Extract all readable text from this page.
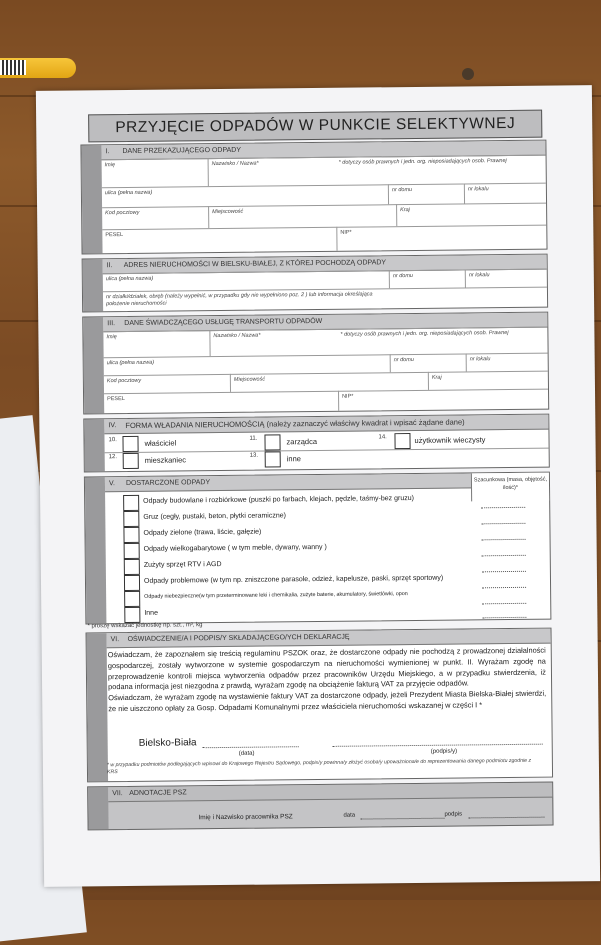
PRZYJĘCIE ODPADÓW W PUNKCIE SELEKTYWNEJ
DANE PRZEKAZUJĄCEGO ODPADY
I.
Imię	Nazwisko / Nazwa*	* dotyczy osób prawnych i jedn. org. nieposiadających osob. Prawnej
ulica (pełna nazwa)	nr domu	nr lokalu
Kod pocztowy	Miejscowość	Kraj
PESEL	NIP*
ADRES NIERUCHOMOŚCI W BIELSKU-BIAŁEJ, Z KTÓREJ POCHODZĄ ODPADY
II.
ulica (pełna nazwa)	nr domu	nr lokalu
nr działki/działek, obręb (należy wypełnić, w przypadku gdy nie wypełniono poz. 2 ) lub informacja określająca położenie nieruchomości
DANE ŚWIADCZĄCEGO USŁUGĘ TRANSPORTU ODPADÓW
III.
Imię	Nazwisko / Nazwa*	* dotyczy osób prawnych i jedn. org. nieposiadających osob. Prawnej
ulica (pełna nazwa)	nr domu	nr lokalu
Kod pocztowy	Miejscowość	Kraj
PESEL	NIP*
FORMA WŁADANIA NIERUCHOMOŚCIĄ (należy zaznaczyć właściwy kwadrat i wpisać żądane dane)
IV.
10.	właściciel	11.	zarządca	14.	użytkownik wieczysty
12.	mieszkaniec	13.	inne
DOSTARCZONE ODPADY
V.
Szacunkowa (masa, objętość, ilość)*
Odpady budowlane i rozbiórkowe (puszki po farbach, klejach, pędzle, taśmy-bez gruzu)
Gruz (cegły, pustaki, beton, płytki ceramiczne)
Odpady zielone (trawa, liście, gałęzie)
Odpady wielkogabarytowe ( w tym meble, dywany, wanny )
Zużyty sprzęt RTV i AGD
Odpady problemowe (w tym np. zniszczone parasole, odzież, kapelusze, paski, sprzęt sportowy)
Odpady niebezpieczne(w tym przeterminowane leki i chemikalia, zużyte baterie, akumulatory, świetlówki, opon
Inne
* proszę wskazać jednostkę np. szt., m³, kg
OŚWIADCZENIE/A I PODPIS/Y SKŁADAJĄCEGO/YCH DEKLARACJĘ
VI.
Oświadczam, że zapoznałem się treścią regulaminu PSZOK oraz, że dostarczone odpady nie pochodzą z prowadzonej działalności gospodarczej, zostały wytworzone w systemie gospodarczym na nieruchomości wymienionej w punkt. II. Wyrażam zgodę na przeprowadzenie kontroli miejsca wytworzenia odpadów przez pracowników Urzędu Miejskiego, a w przypadku stwierdzenia, iż podana informacja jest niezgodna z prawdą, wyrażam zgodę na obciążenie fakturą VAT za przyjęcie odpadów.
Oświadczam, że wyrażam zgodę na wystawienie faktury VAT za dostarczone odpady, jeżeli Prezydent Miasta Bielska-Białej stwierdzi, że nie uiszczono opłaty za Gosp. Odpadami Komunalnymi przez właściciela nieruchomości wskazanej w części I *
Bielsko-Biała
(data)	(podpis/y)
* w przypadku podmiotów podlegających wpisowi do Krajowego Rejestru Sądowego, podpis/y powinna/y złożyć osoba/y upoważniona/e do reprezentowania danego podmiotu zgodnie z KRS
ADNOTACJE PSZ
VII.
Imię i Nazwisko pracownika PSZ	data	podpis
